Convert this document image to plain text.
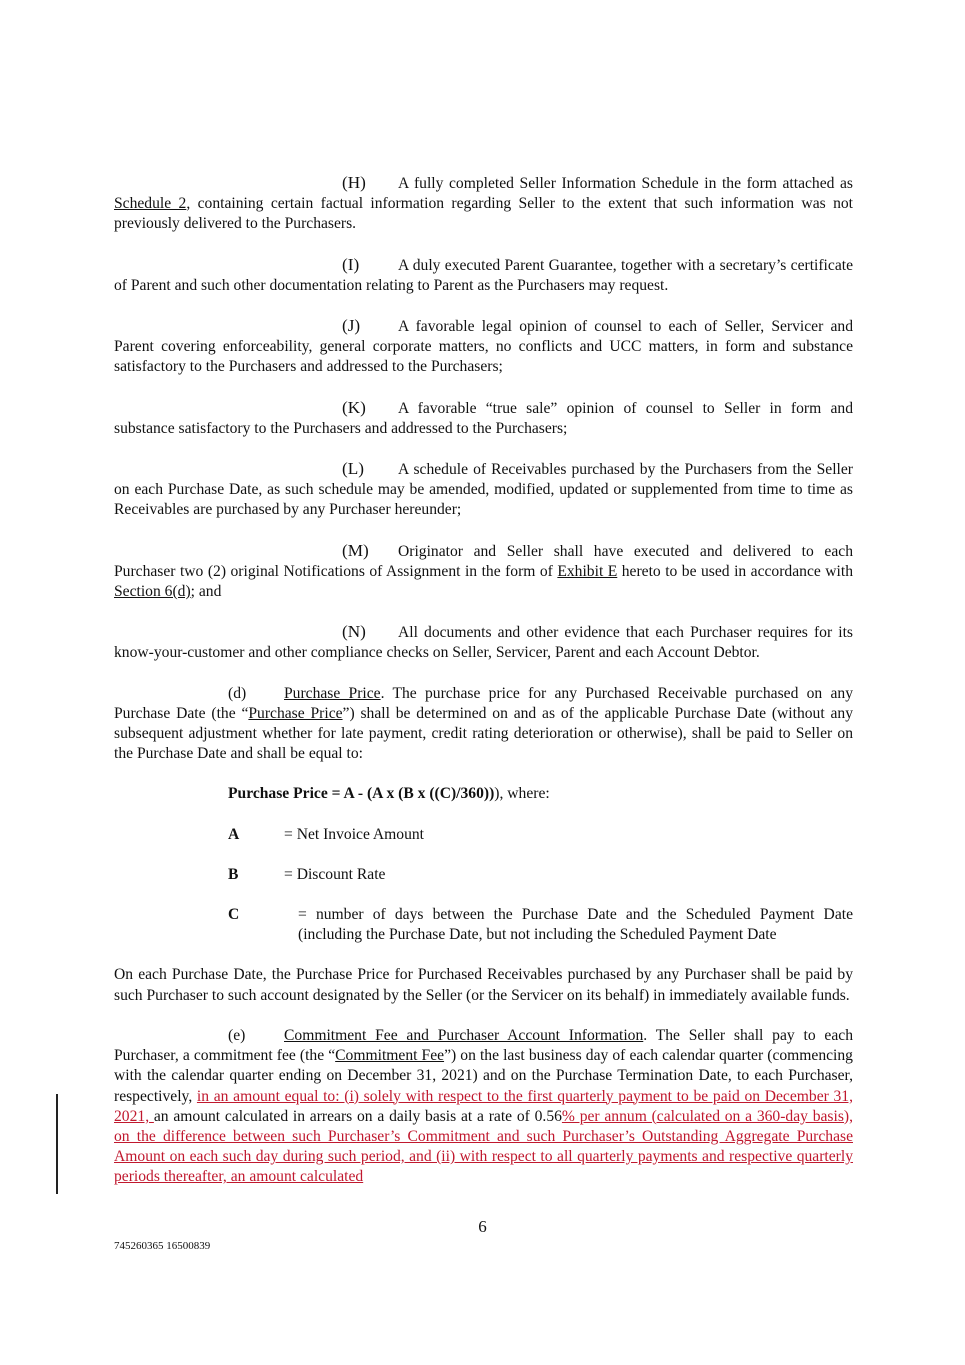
(H) A fully completed Seller Information Schedule in the form attached as Schedule 2, containing certain factual information regarding Seller to the extent that such information was not previously delivered to the Purchasers.

(I) A duly executed Parent Guarantee, together with a secretary’s certificate of Parent and such other documentation relating to Parent as the Purchasers may request.

(J) A favorable legal opinion of counsel to each of Seller, Servicer and Parent covering enforceability, general corporate matters, no conflicts and UCC matters, in form and substance satisfactory to the Purchasers and addressed to the Purchasers;

(K) A favorable “true sale” opinion of counsel to Seller in form and substance satisfactory to the Purchasers and addressed to the Purchasers;

(L) A schedule of Receivables purchased by the Purchasers from the Seller on each Purchase Date, as such schedule may be amended, modified, updated or supplemented from time to time as Receivables are purchased by any Purchaser hereunder;

(M) Originator and Seller shall have executed and delivered to each Purchaser two (2) original Notifications of Assignment in the form of Exhibit E hereto to be used in accordance with Section 6(d); and

(N) All documents and other evidence that each Purchaser requires for its know-your-customer and other compliance checks on Seller, Servicer, Parent and each Account Debtor.

(d) Purchase Price. The purchase price for any Purchased Receivable purchased on any Purchase Date (the “Purchase Price”) shall be determined on and as of the applicable Purchase Date (without any subsequent adjustment whether for late payment, credit rating deterioration or otherwise), shall be paid to Seller on the Purchase Date and shall be equal to:

Purchase Price = A - (A x (B x ((C)/360))), where:

A	= Net Invoice Amount
B	= Discount Rate
C	= number of days between the Purchase Date and the Scheduled Payment Date (including the Purchase Date, but not including the Scheduled Payment Date

On each Purchase Date, the Purchase Price for Purchased Receivables purchased by any Purchaser shall be paid by such Purchaser to such account designated by the Seller (or the Servicer on its behalf) in immediately available funds.

(e) Commitment Fee and Purchaser Account Information. The Seller shall pay to each Purchaser, a commitment fee (the “Commitment Fee”) on the last business day of each calendar quarter (commencing with the calendar quarter ending on December 31, 2021) and on the Purchase Termination Date, to each Purchaser, respectively, in an amount equal to: (i) solely with respect to the first quarterly payment to be paid on December 31, 2021, an amount calculated in arrears on a daily basis at a rate of 0.56% per annum (calculated on a 360-day basis), on the difference between such Purchaser’s Commitment and such Purchaser’s Outstanding Aggregate Purchase Amount on each such day during such period, and (ii) with respect to all quarterly payments and respective quarterly periods thereafter, an amount calculated

6
745260365 16500839
